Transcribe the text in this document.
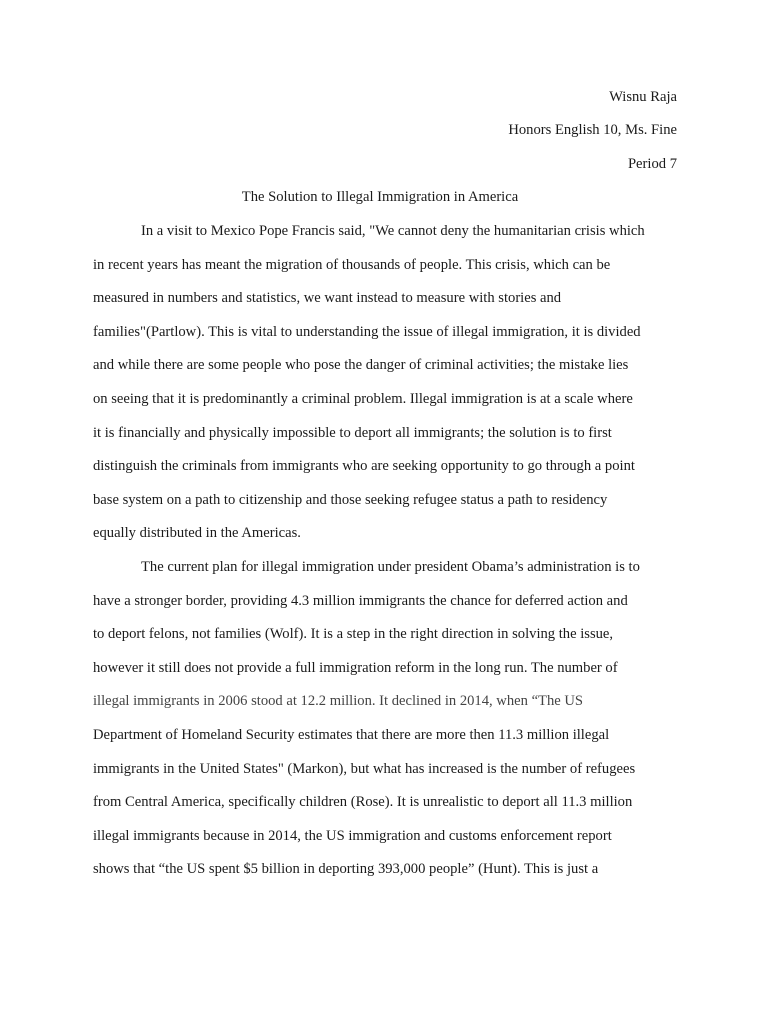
Wisnu Raja
Honors English 10, Ms. Fine
Period 7
The Solution to Illegal Immigration in America
In a visit to Mexico Pope Francis said, "We cannot deny the humanitarian crisis which
in recent years has meant the migration of thousands of people. This crisis, which can be
measured in numbers and statistics, we want instead to measure with stories and
families"(Partlow). This is vital to understanding the issue of illegal immigration, it is divided
and while there are some people who pose the danger of criminal activities; the mistake lies
on seeing that it is predominantly a criminal problem. Illegal immigration is at a scale where
it is financially and physically impossible to deport all immigrants; the solution is to first
distinguish the criminals from immigrants who are seeking opportunity to go through a point
base system on a path to citizenship and those seeking refugee status a path to residency
equally distributed in the Americas.
The current plan for illegal immigration under president Obama’s administration is to
have a stronger border, providing 4.3 million immigrants the chance for deferred action and
to deport felons, not families (Wolf). It is a step in the right direction in solving the issue,
however it still does not provide a full immigration reform in the long run. The number of
illegal immigrants in 2006 stood at 12.2 million. It declined in 2014, when “The US
Department of Homeland Security estimates that there are more then 11.3 million illegal
immigrants in the United States" (Markon), but what has increased is the number of refugees
from Central America, specifically children (Rose). It is unrealistic to deport all 11.3 million
illegal immigrants because in 2014, the US immigration and customs enforcement report
shows that “the US spent $5 billion in deporting 393,000 people” (Hunt). This is just a
